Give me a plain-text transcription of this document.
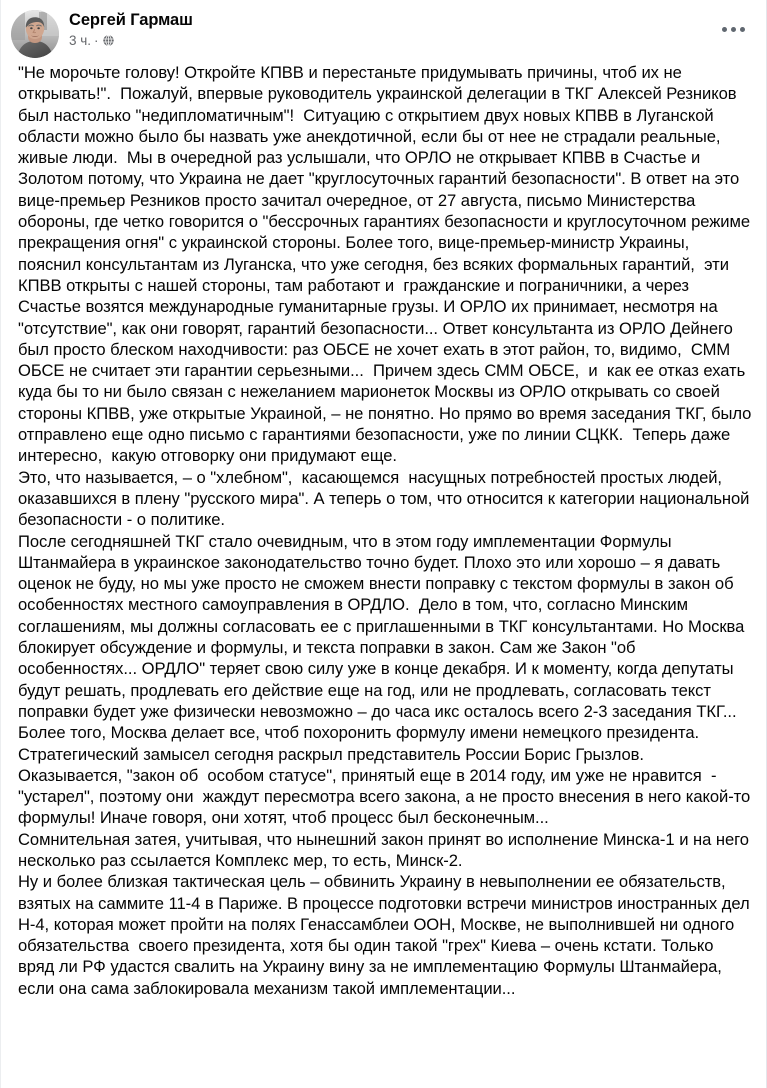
Сергей Гармаш
3 ч. ·

"Не морочьте голову! Откройте КПВВ и перестаньте придумывать причины, чтоб их не открывать!".  Пожалуй, впервые руководитель украинской делегации в ТКГ Алексей Резников был настолько "недипломатичным"!  Ситуацию с открытием двух новых КПВВ в Луганской области можно было бы назвать уже анекдотичной, если бы от нее не страдали реальные, живые люди.  Мы в очередной раз услышали, что ОРЛО не открывает КПВВ в Счастье и Золотом потому, что Украина не дает "круглосуточных гарантий безопасности". В ответ на это вице-премьер Резников просто зачитал очередное, от 27 августа, письмо Министерства обороны, где четко говорится о "бессрочных гарантиях безопасности и круглосуточном режиме прекращения огня" с украинской стороны. Более того, вице-премьер-министр Украины, пояснил консультантам из Луганска, что уже сегодня, без всяких формальных гарантий,  эти КПВВ открыты с нашей стороны, там работают и  гражданские и пограничники, а через Счастье возятся международные гуманитарные грузы. И ОРЛО их принимает, несмотря на "отсутствие", как они говорят, гарантий безопасности... Ответ консультанта из ОРЛО Дейнего был просто блеском находчивости: раз ОБСЕ не хочет ехать в этот район, то, видимо,  СММ ОБСЕ не считает эти гарантии серьезными...  Причем здесь СММ ОБСЕ,  и  как ее отказ ехать куда бы то ни было связан с нежеланием марионеток Москвы из ОРЛО открывать со своей стороны КПВВ, уже открытые Украиной, – не понятно. Но прямо во время заседания ТКГ, было отправлено еще одно письмо с гарантиями безопасности, уже по линии СЦКК.  Теперь даже интересно,  какую отговорку они придумают еще.

Это, что называется, – о "хлебном",  касающемся  насущных потребностей простых людей, оказавшихся в плену "русского мира". А теперь о том, что относится к категории национальной безопасности - о политике.

После сегодняшней ТКГ стало очевидным, что в этом году имплементации Формулы Штанмайера в украинское законодательство точно будет. Плохо это или хорошо – я давать оценок не буду, но мы уже просто не сможем внести поправку с текстом формулы в закон об особенностях местного самоуправления в ОРДЛО.  Дело в том, что, согласно Минским соглашениям, мы должны согласовать ее с приглашенными в ТКГ консультантами. Но Москва блокирует обсуждение и формулы, и текста поправки в закон. Сам же Закон "об особенностях... ОРДЛО" теряет свою силу уже в конце декабря. И к моменту, когда депутаты будут решать, продлевать его действие еще на год, или не продлевать, согласовать текст поправки будет уже физически невозможно – до часа икс осталось всего 2-3 заседания ТКГ...

Более того, Москва делает все, чтоб похоронить формулу имени немецкого президента. Стратегический замысел сегодня раскрыл представитель России Борис Грызлов. Оказывается, "закон об  особом статусе", принятый еще в 2014 году, им уже не нравится  - "устарел", поэтому они  жаждут пересмотра всего закона, а не просто внесения в него какой-то формулы! Иначе говоря, они хотят, чтоб процесс был бесконечным...

Сомнительная затея, учитывая, что нынешний закон принят во исполнение Минска-1 и на него несколько раз ссылается Комплекс мер, то есть, Минск-2.

Ну и более близкая тактическая цель – обвинить Украину в невыполнении ее обязательств, взятых на саммите 11-4 в Париже. В процессе подготовки встречи министров иностранных дел Н-4, которая может пройти на полях Генассамблеи ООН, Москве, не выполнившей ни одного обязательства  своего президента, хотя бы один такой "грех" Киева – очень кстати. Только вряд ли РФ удастся свалить на Украину вину за не имплементацию Формулы Штанмайера, если она сама заблокировала механизм такой имплементации...
